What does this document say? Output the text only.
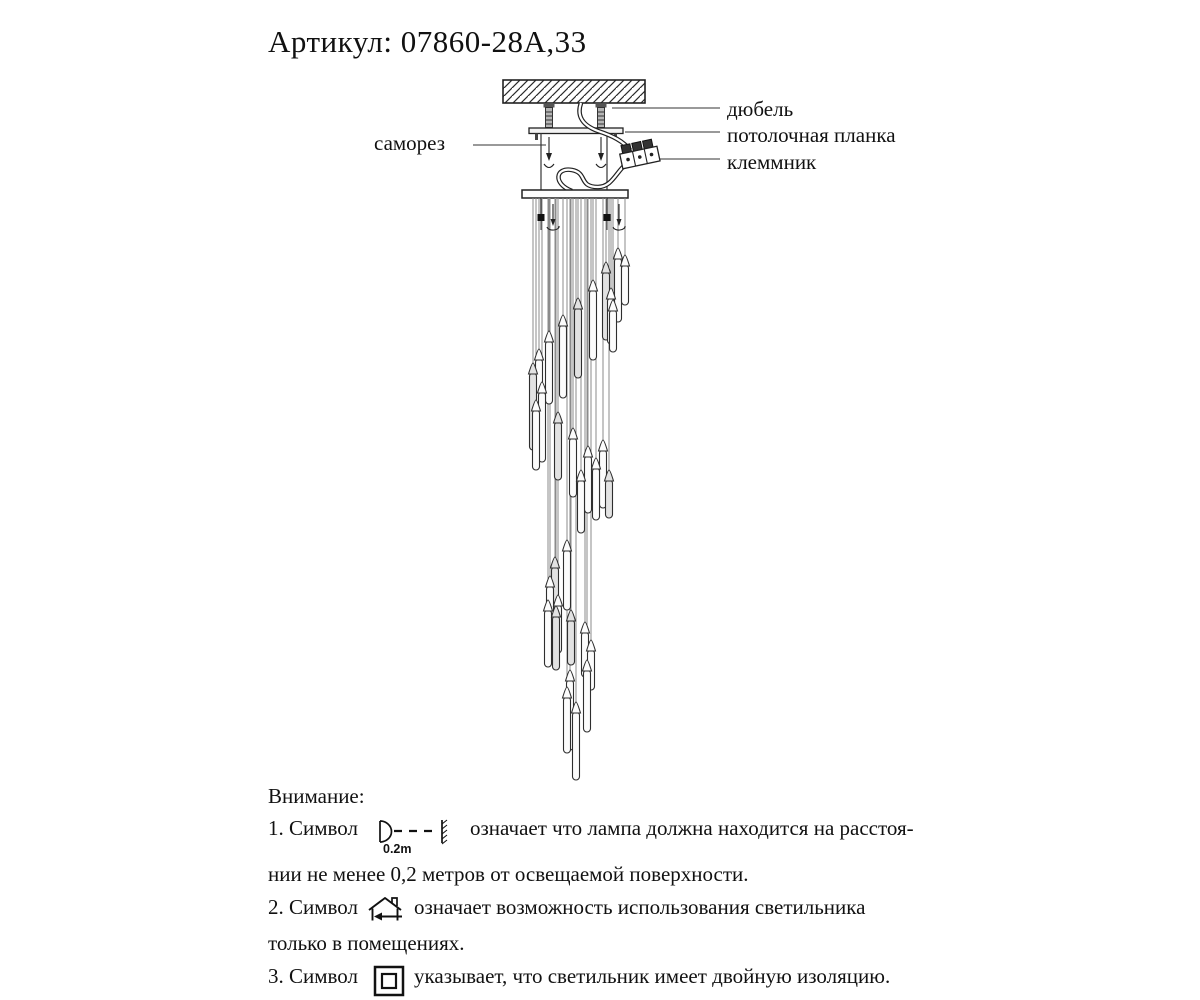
Артикул: 07860-28А,33
саморез
дюбель
потолочная планка
клеммник

Внимание:

1. Символ
0.2m
означает что лампа должна находится на расстоя-

нии не менее 0,2 метров от освещаемой поверхности.

2. Символ	означает возможность использования светильника

только в помещениях.

3. Символ	указывает, что светильник имеет двойную изоляцию.
